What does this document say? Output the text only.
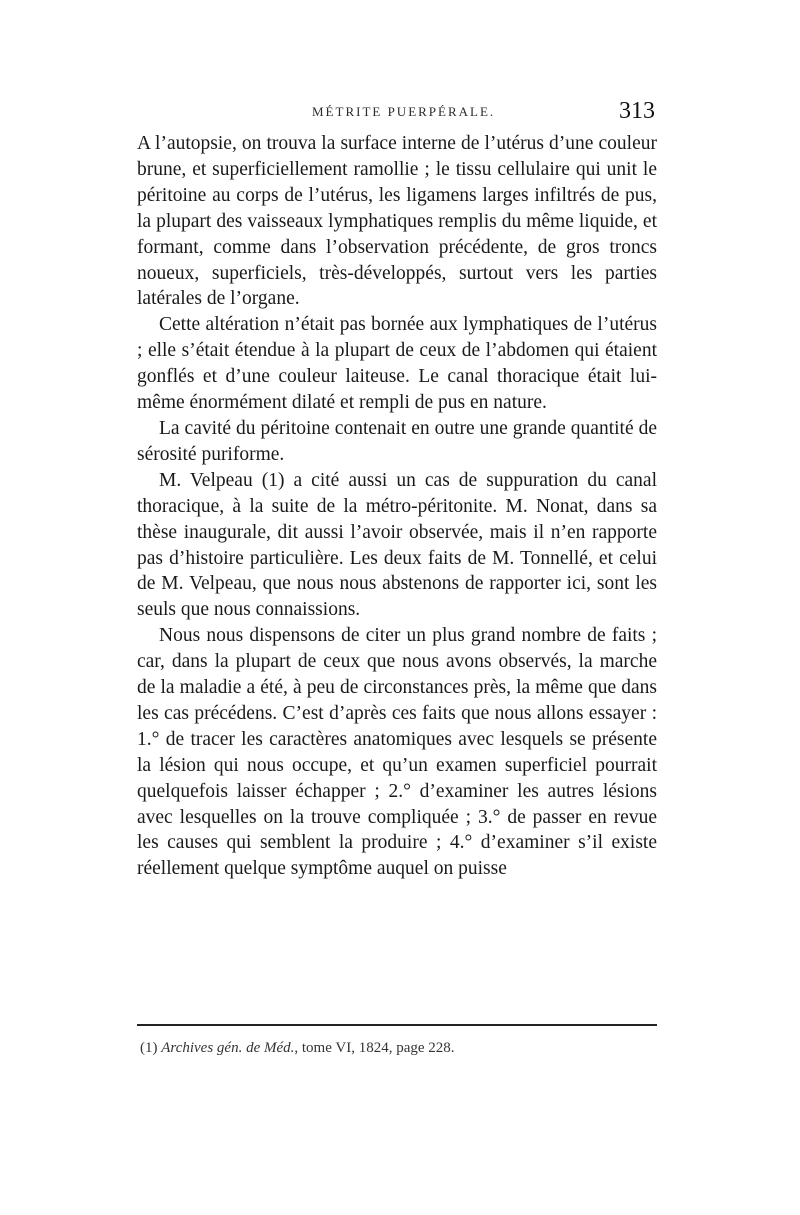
MÉTRITE PUERPÉRALE.	313

A l’autopsie, on trouva la surface interne de l’utérus d’une couleur brune, et superficiellement ramollie ; le tissu cellulaire qui unit le péritoine au corps de l’utérus, les ligamens larges infiltrés de pus, la plupart des vaisseaux lymphatiques remplis du même liquide, et formant, comme dans l’observation précédente, de gros troncs noueux, superficiels, très-développés, surtout vers les parties latérales de l’organe.

Cette altération n’était pas bornée aux lymphatiques de l’utérus ; elle s’était étendue à la plupart de ceux de l’abdomen qui étaient gonflés et d’une couleur laiteuse. Le canal thoracique était lui-même énormément dilaté et rempli de pus en nature.

La cavité du péritoine contenait en outre une grande quantité de sérosité puriforme.

M. Velpeau (1) a cité aussi un cas de suppuration du canal thoracique, à la suite de la métro-péritonite. M. Nonat, dans sa thèse inaugurale, dit aussi l’avoir observée, mais il n’en rapporte pas d’histoire particulière. Les deux faits de M. Tonnellé, et celui de M. Velpeau, que nous nous abstenons de rapporter ici, sont les seuls que nous connaissions.

Nous nous dispensons de citer un plus grand nombre de faits ; car, dans la plupart de ceux que nous avons observés, la marche de la maladie a été, à peu de circonstances près, la même que dans les cas précédens. C’est d’après ces faits que nous allons essayer : 1.° de tracer les caractères anatomiques avec lesquels se présente la lésion qui nous occupe, et qu’un examen superficiel pourrait quelquefois laisser échapper ; 2.° d’examiner les autres lésions avec lesquelles on la trouve compliquée ; 3.° de passer en revue les causes qui semblent la produire ; 4.° d’examiner s’il existe réellement quelque symptôme auquel on puisse

(1) Archives gén. de Méd., tome VI, 1824, page 228.
